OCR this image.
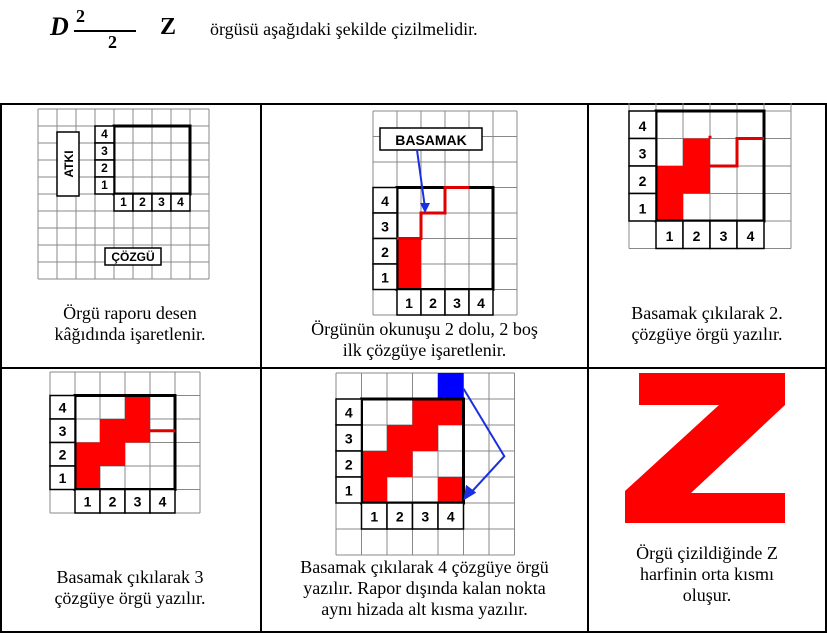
D 2
2
Z örgüsü aşağıdaki şekilde çizilmelidir.
4
3
2
1
1 2 3 4
ATKI
ÇÖZGÜ
Örgü raporu desen
kâğıdında işaretlenir.
4
3
2
1
1 2 3 4
BASAMAK
Örgünün okunuşu 2 dolu, 2 boş
ilk çözgüye işaretlenir.
4
3
2
1
1 2 3 4
Basamak çıkılarak 2.
çözgüye örgü yazılır.
4
3
2
1
1 2 3 4
Basamak çıkılarak 3
çözgüye örgü yazılır.
4
3
2
1
1 2 3 4
Basamak çıkılarak 4 çözgüye örgü
yazılır. Rapor dışında kalan nokta
aynı hizada alt kısma yazılır.
Örgü çizildiğinde Z
harfinin orta kısmı
oluşur.
